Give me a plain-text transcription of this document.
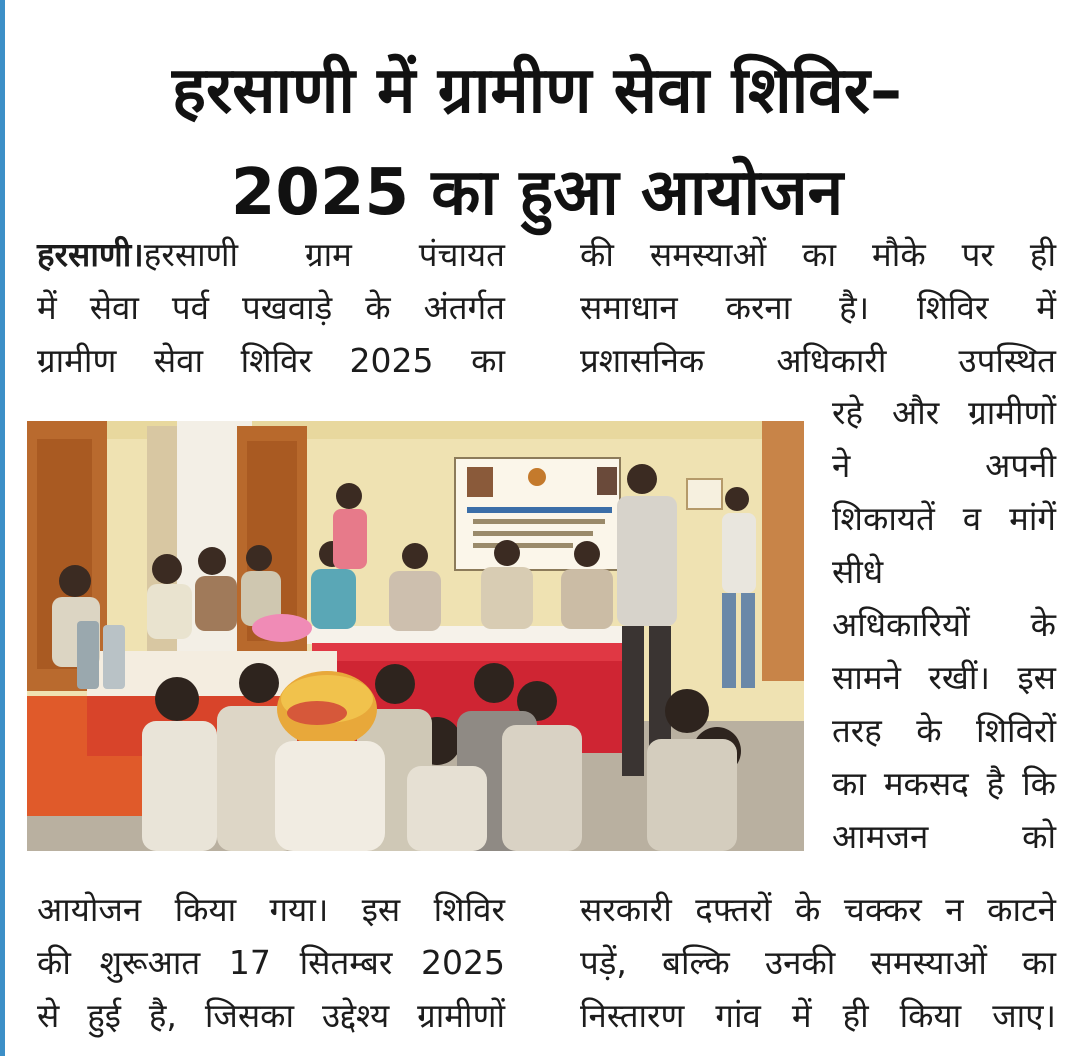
हरसाणी में ग्रामीण सेवा शिविर–
2025 का हुआ आयोजन
हरसाणी।हरसाणी ग्राम पंचायत
में सेवा पर्व पखवाड़े के अंतर्गत
ग्रामीण सेवा शिविर 2025 का
की समस्याओं का मौके पर ही
समाधान करना है। शिविर में
प्रशासनिक अधिकारी उपस्थित
रहे और ग्रामीणों
ने अपनी
शिकायतें व मांगें
सीधे
अधिकारियों के
सामने रखीं। इस
तरह के शिविरों
का मकसद है कि
आमजन को
आयोजन किया गया। इस शिविर
की शुरूआत 17 सितम्बर 2025
से हुई है, जिसका उद्देश्य ग्रामीणों
सरकारी दफ्तरों के चक्कर न काटने
पड़ें, बल्कि उनकी समस्याओं का
निस्तारण गांव में ही किया जाए।
